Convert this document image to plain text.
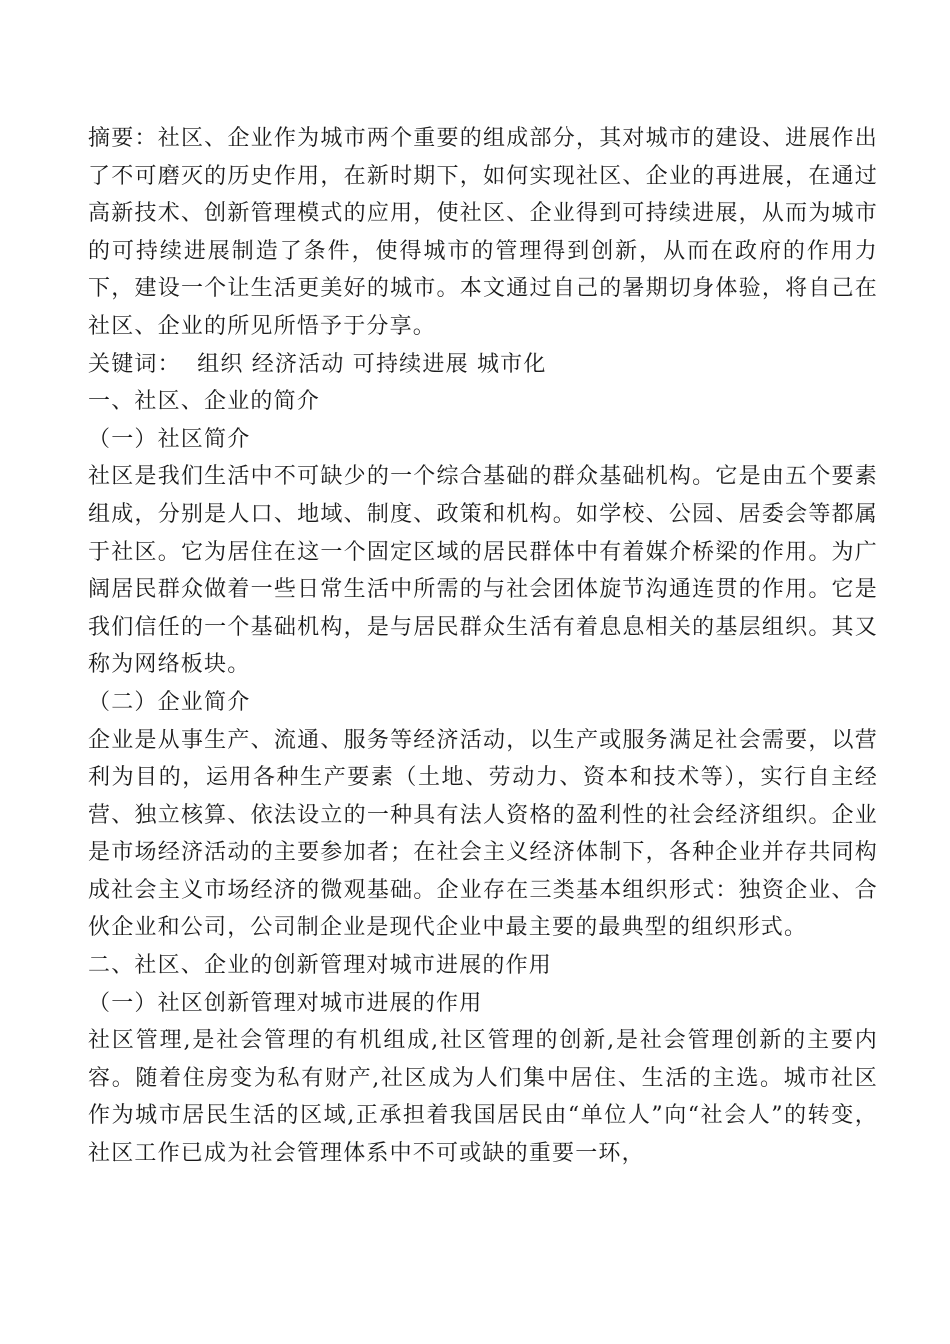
摘要：社区、企业作为城市两个重要的组成部分，其对城市的建设、进展作出了不可磨灭的历史作用，在新时期下，如何实现社区、企业的再进展，在通过高新技术、创新管理模式的应用，使社区、企业得到可持续进展，从而为城市的可持续进展制造了条件，使得城市的管理得到创新，从而在政府的作用力下，建设一个让生活更美好的城市。本文通过自己的暑期切身体验，将自己在社区、企业的所见所悟予于分享。

关键词：  组织 经济活动 可持续进展 城市化

一、社区、企业的简介

（一）社区简介

社区是我们生活中不可缺少的一个综合基础的群众基础机构。它是由五个要素组成，分别是人口、地域、制度、政策和机构。如学校、公园、居委会等都属于社区。它为居住在这一个固定区域的居民群体中有着媒介桥梁的作用。为广阔居民群众做着一些日常生活中所需的与社会团体旋节沟通连贯的作用。它是我们信任的一个基础机构，是与居民群众生活有着息息相关的基层组织。其又称为网络板块。

（二）企业简介

企业是从事生产、流通、服务等经济活动，以生产或服务满足社会需要，以营利为目的，运用各种生产要素（土地、劳动力、资本和技术等），实行自主经营、独立核算、依法设立的一种具有法人资格的盈利性的社会经济组织。企业是市场经济活动的主要参加者；在社会主义经济体制下，各种企业并存共同构成社会主义市场经济的微观基础。企业存在三类基本组织形式：独资企业、合伙企业和公司，公司制企业是现代企业中最主要的最典型的组织形式。

二、社区、企业的创新管理对城市进展的作用

（一）社区创新管理对城市进展的作用

社区管理,是社会管理的有机组成,社区管理的创新,是社会管理创新的主要内容。随着住房变为私有财产,社区成为人们集中居住、生活的主选。城市社区作为城市居民生活的区域,正承担着我国居民由“单位人”向“社会人”的转变，社区工作已成为社会管理体系中不可或缺的重要一环，
